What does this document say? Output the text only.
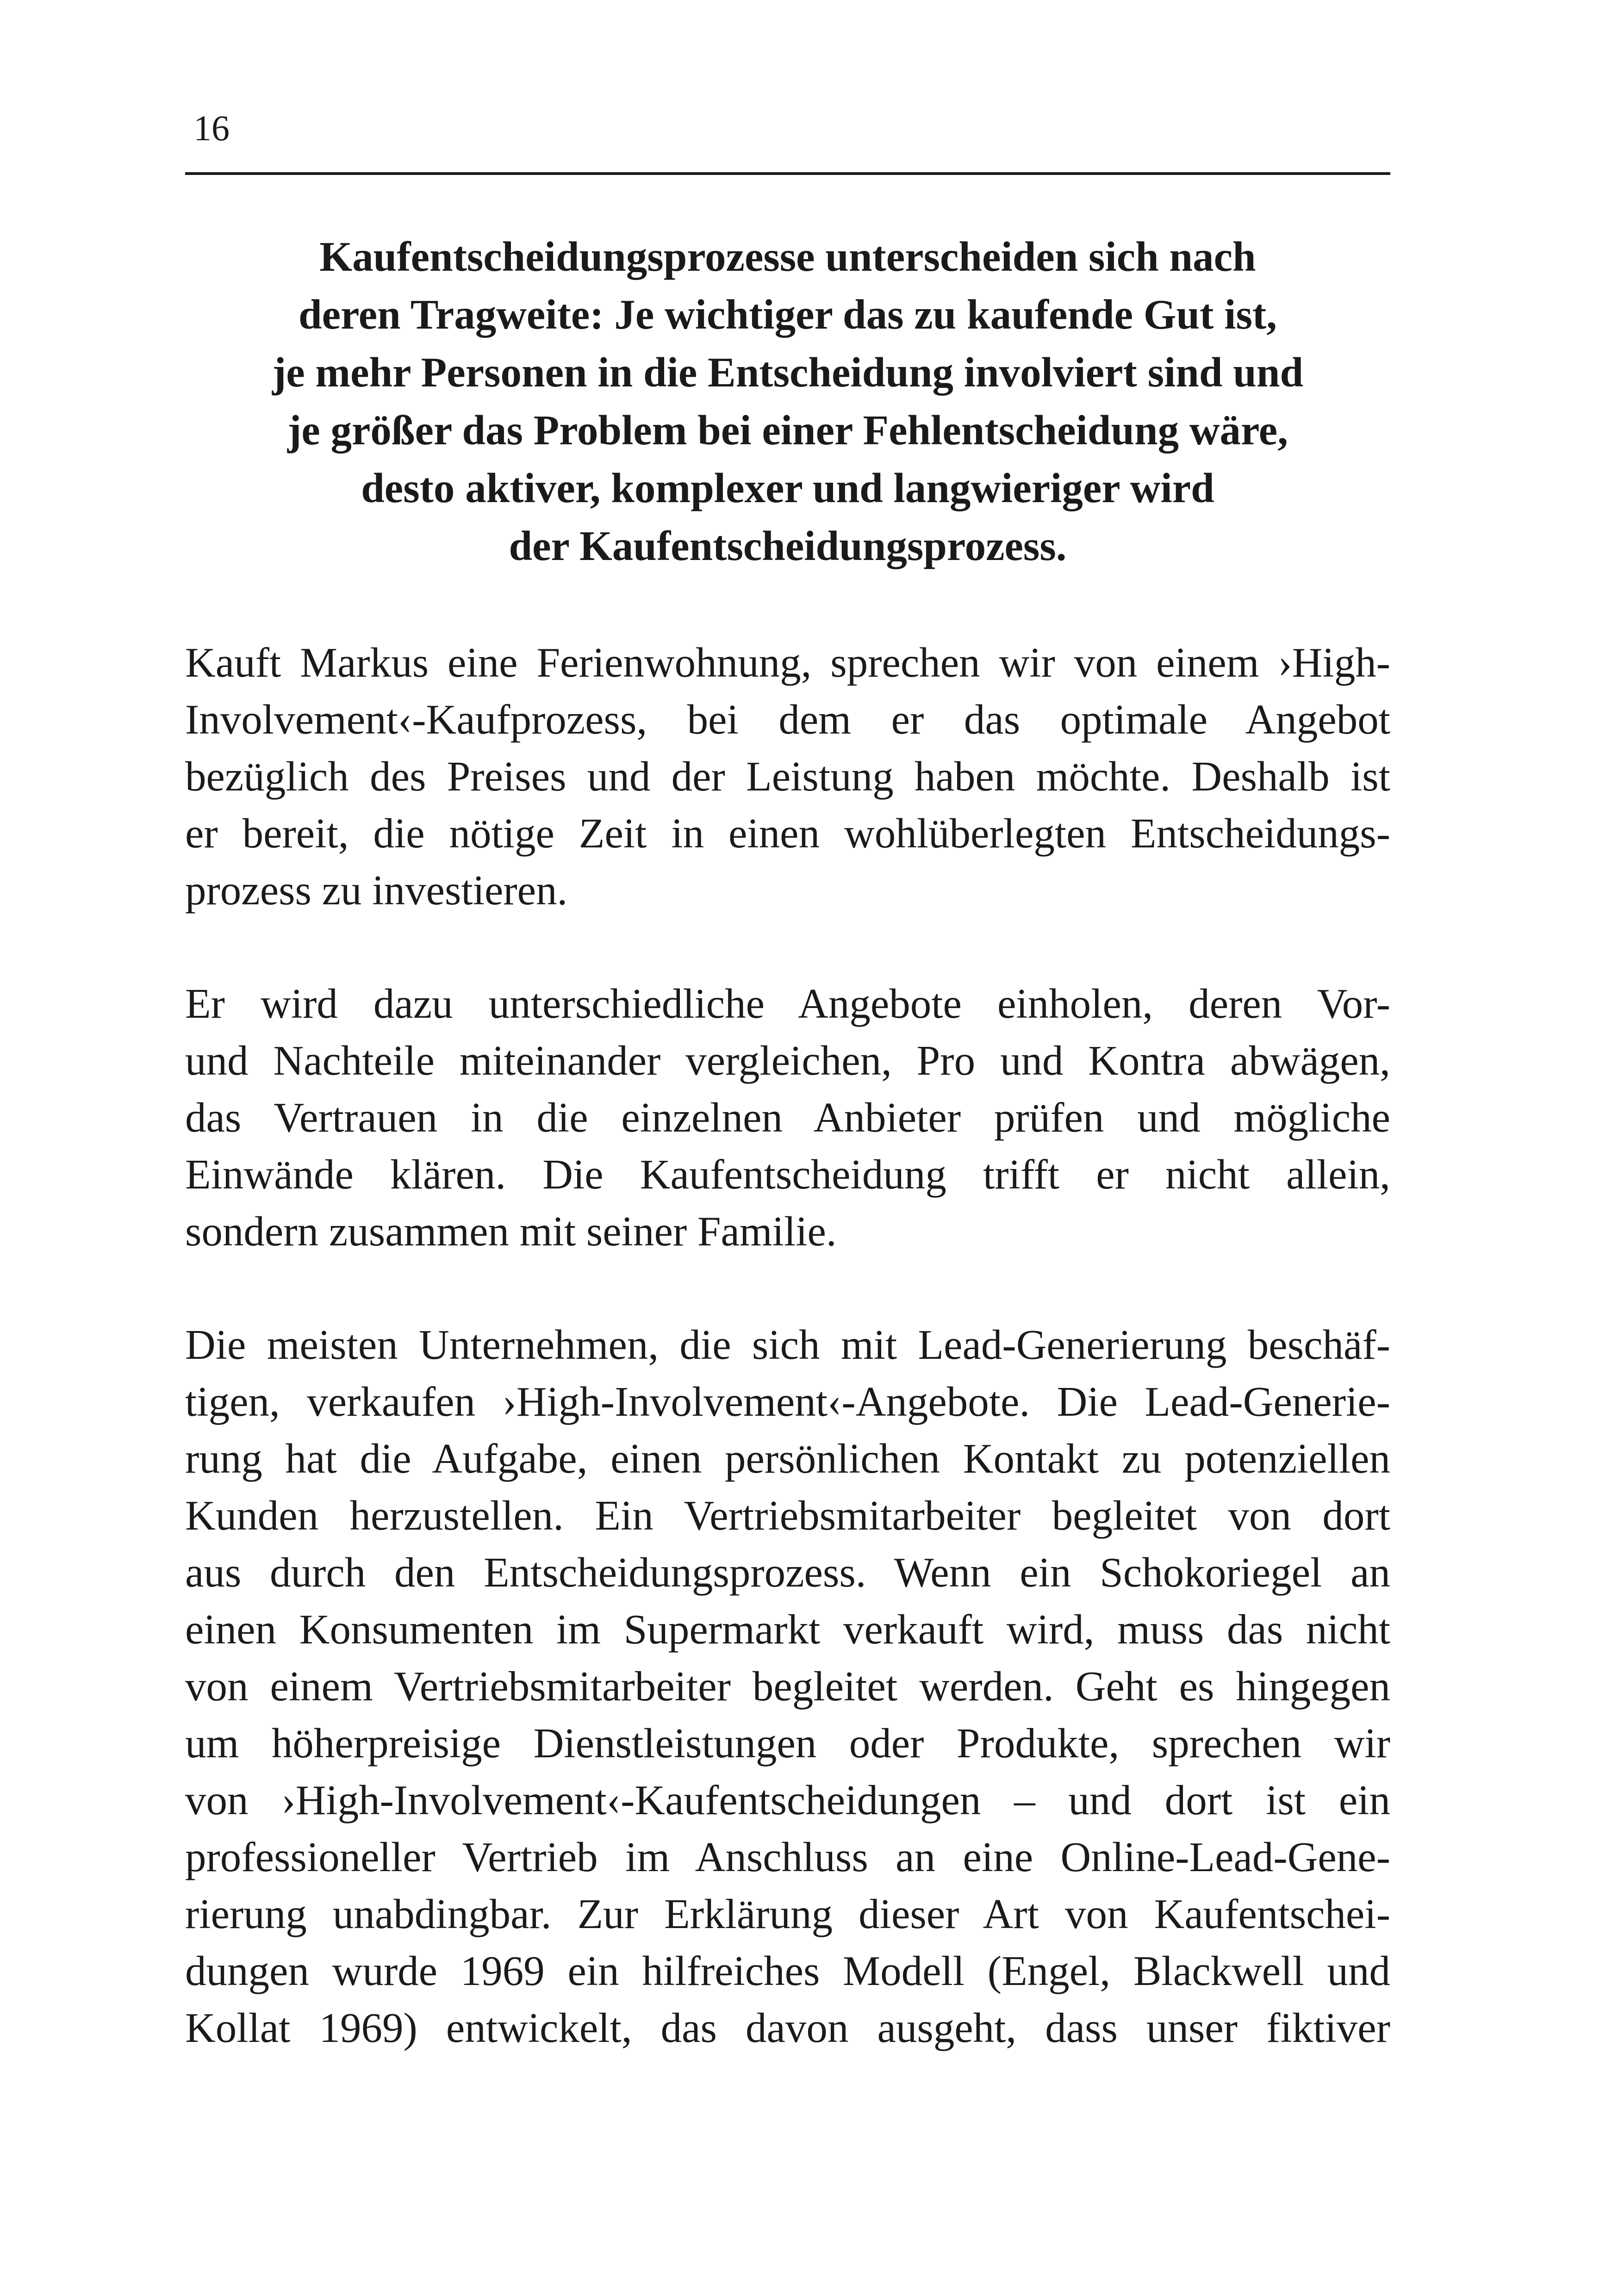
16
Kaufentscheidungsprozesse unterscheiden sich nach
deren Tragweite: Je wichtiger das zu kaufende Gut ist,
je mehr Personen in die Entscheidung involviert sind und
je größer das Problem bei einer Fehlentscheidung wäre,
desto aktiver, komplexer und langwieriger wird
der Kaufentscheidungsprozess.

Kauft Markus eine Ferienwohnung, sprechen wir von einem ›High-
Involvement‹-Kaufprozess, bei dem er das optimale Angebot
bezüglich des Preises und der Leistung haben möchte. Deshalb ist
er bereit, die nötige Zeit in einen wohlüberlegten Entscheidungs-
prozess zu investieren.

Er wird dazu unterschiedliche Angebote einholen, deren Vor-
und Nachteile miteinander vergleichen, Pro und Kontra abwägen,
das Vertrauen in die einzelnen Anbieter prüfen und mögliche
Einwände klären. Die Kaufentscheidung trifft er nicht allein,
sondern zusammen mit seiner Familie.

Die meisten Unternehmen, die sich mit Lead-Generierung beschäf-
tigen, verkaufen ›High-Involvement‹-Angebote. Die Lead-Generie-
rung hat die Aufgabe, einen persönlichen Kontakt zu potenziellen
Kunden herzustellen. Ein Vertriebsmitarbeiter begleitet von dort
aus durch den Entscheidungsprozess. Wenn ein Schokoriegel an
einen Konsumenten im Supermarkt verkauft wird, muss das nicht
von einem Vertriebsmitarbeiter begleitet werden. Geht es hingegen
um höherpreisige Dienstleistungen oder Produkte, sprechen wir
von ›High-Involvement‹-Kaufentscheidungen – und dort ist ein
professioneller Vertrieb im Anschluss an eine Online-Lead-Gene-
rierung unabdingbar. Zur Erklärung dieser Art von Kaufentschei-
dungen wurde 1969 ein hilfreiches Modell (Engel, Blackwell und
Kollat 1969) entwickelt, das davon ausgeht, dass unser fiktiver
